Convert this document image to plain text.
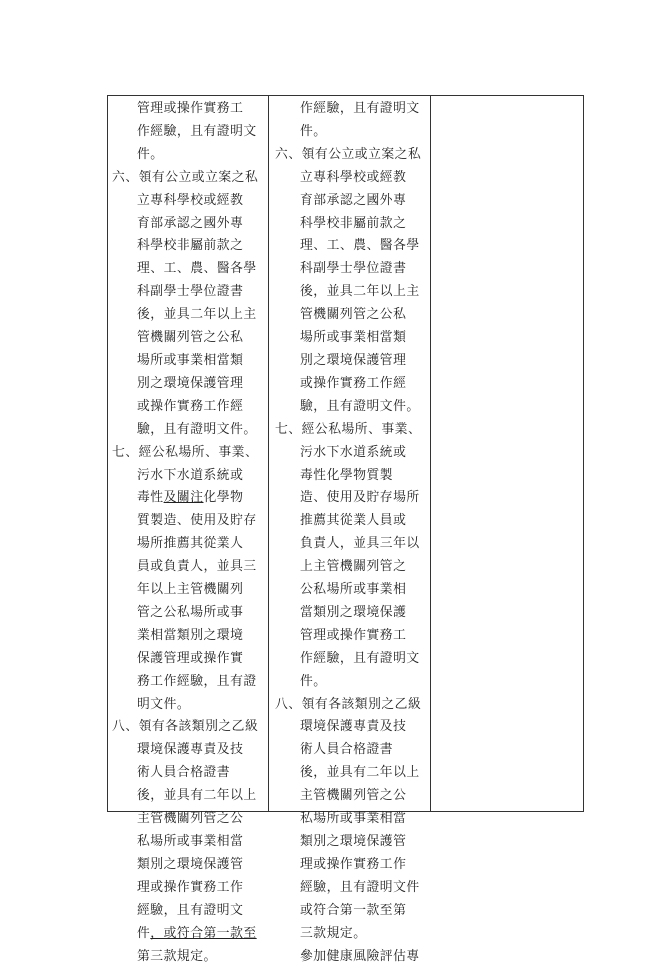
管理或操作實務工
作經驗，且有證明文
件。
六、領有公立或立案之私
立專科學校或經教
育部承認之國外專
科學校非屬前款之
理、工、農、醫各學
科副學士學位證書
後，並具二年以上主
管機關列管之公私
場所或事業相當類
別之環境保護管理
或操作實務工作經
驗，且有證明文件。
七、經公私場所、事業、
污水下水道系統或
毒性及關注化學物
質製造、使用及貯存
場所推薦其從業人
員或負責人，並具三
年以上主管機關列
管之公私場所或事
業相當類別之環境
保護管理或操作實
務工作經驗，且有證
明文件。
八、領有各該類別之乙級
環境保護專責及技
術人員合格證書
後，並具有二年以上
主管機關列管之公
私場所或事業相當
類別之環境保護管
理或操作實務工作
經驗，且有證明文
件，或符合第一款至
第三款規定。
作經驗，且有證明文
件。
六、領有公立或立案之私
立專科學校或經教
育部承認之國外專
科學校非屬前款之
理、工、農、醫各學
科副學士學位證書
後，並具二年以上主
管機關列管之公私
場所或事業相當類
別之環境保護管理
或操作實務工作經
驗，且有證明文件。
七、經公私場所、事業、
污水下水道系統或
毒性化學物質製
造、使用及貯存場所
推薦其從業人員或
負責人，並具三年以
上主管機關列管之
公私場所或事業相
當類別之環境保護
管理或操作實務工
作經驗，且有證明文
件。
八、領有各該類別之乙級
環境保護專責及技
術人員合格證書
後，並具有二年以上
主管機關列管之公
私場所或事業相當
類別之環境保護管
理或操作實務工作
經驗，且有證明文件
或符合第一款至第
三款規定。
參加健康風險評估專
